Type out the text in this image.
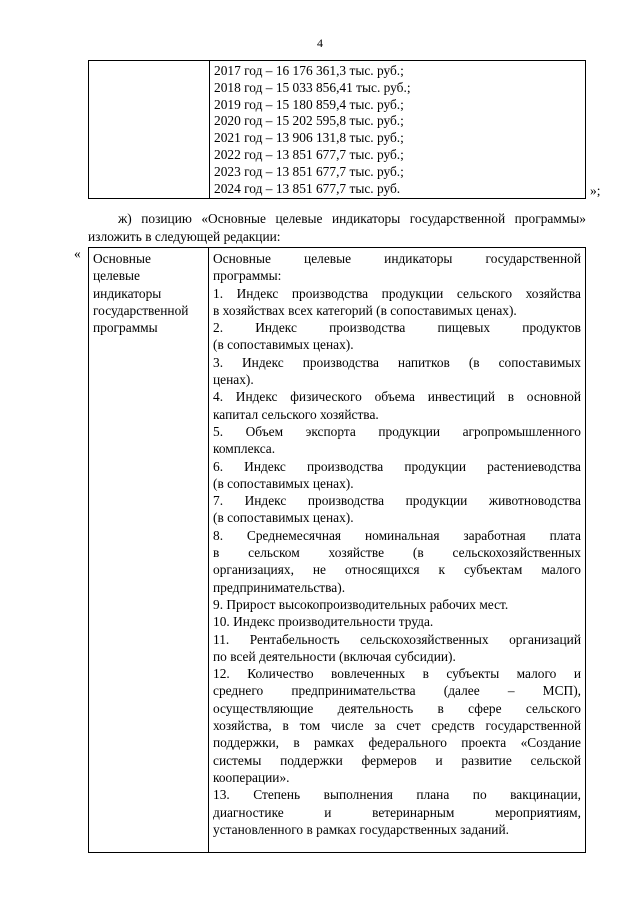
4
2017 год – 16 176 361,3 тыс. руб.;
2018 год – 15 033 856,41 тыс. руб.;
2019 год – 15 180 859,4 тыс. руб.;
2020 год – 15 202 595,8 тыс. руб.;
2021 год – 13 906 131,8 тыс. руб.;
2022 год – 13 851 677,7 тыс. руб.;
2023 год – 13 851 677,7 тыс. руб.;
2024 год – 13 851 677,7 тыс. руб.	»;
ж) позицию «Основные целевые индикаторы государственной программы»
изложить в следующей редакции:
« Основные
целевые
индикаторы
государственной
программы
Основные целевые индикаторы государственной
программы:
1. Индекс производства продукции сельского хозяйства
в хозяйствах всех категорий (в сопоставимых ценах).
2. Индекс производства пищевых продуктов
(в сопоставимых ценах).
3. Индекс производства напитков (в сопоставимых
ценах).
4. Индекс физического объема инвестиций в основной
капитал сельского хозяйства.
5. Объем экспорта продукции агропромышленного
комплекса.
6. Индекс производства продукции растениеводства
(в сопоставимых ценах).
7. Индекс производства продукции животноводства
(в сопоставимых ценах).
8. Среднемесячная номинальная заработная плата
в сельском хозяйстве (в сельскохозяйственных
организациях, не относящихся к субъектам малого
предпринимательства).
9. Прирост высокопроизводительных рабочих мест.
10. Индекс производительности труда.
11. Рентабельность сельскохозяйственных организаций
по всей деятельности (включая субсидии).
12. Количество вовлеченных в субъекты малого и
среднего предпринимательства (далее – МСП),
осуществляющие деятельность в сфере сельского
хозяйства, в том числе за счет средств государственной
поддержки, в рамках федерального проекта «Создание
системы поддержки фермеров и развитие сельской
кооперации».
13. Степень выполнения плана по вакцинации,
диагностике и ветеринарным мероприятиям,
установленного в рамках государственных заданий.
